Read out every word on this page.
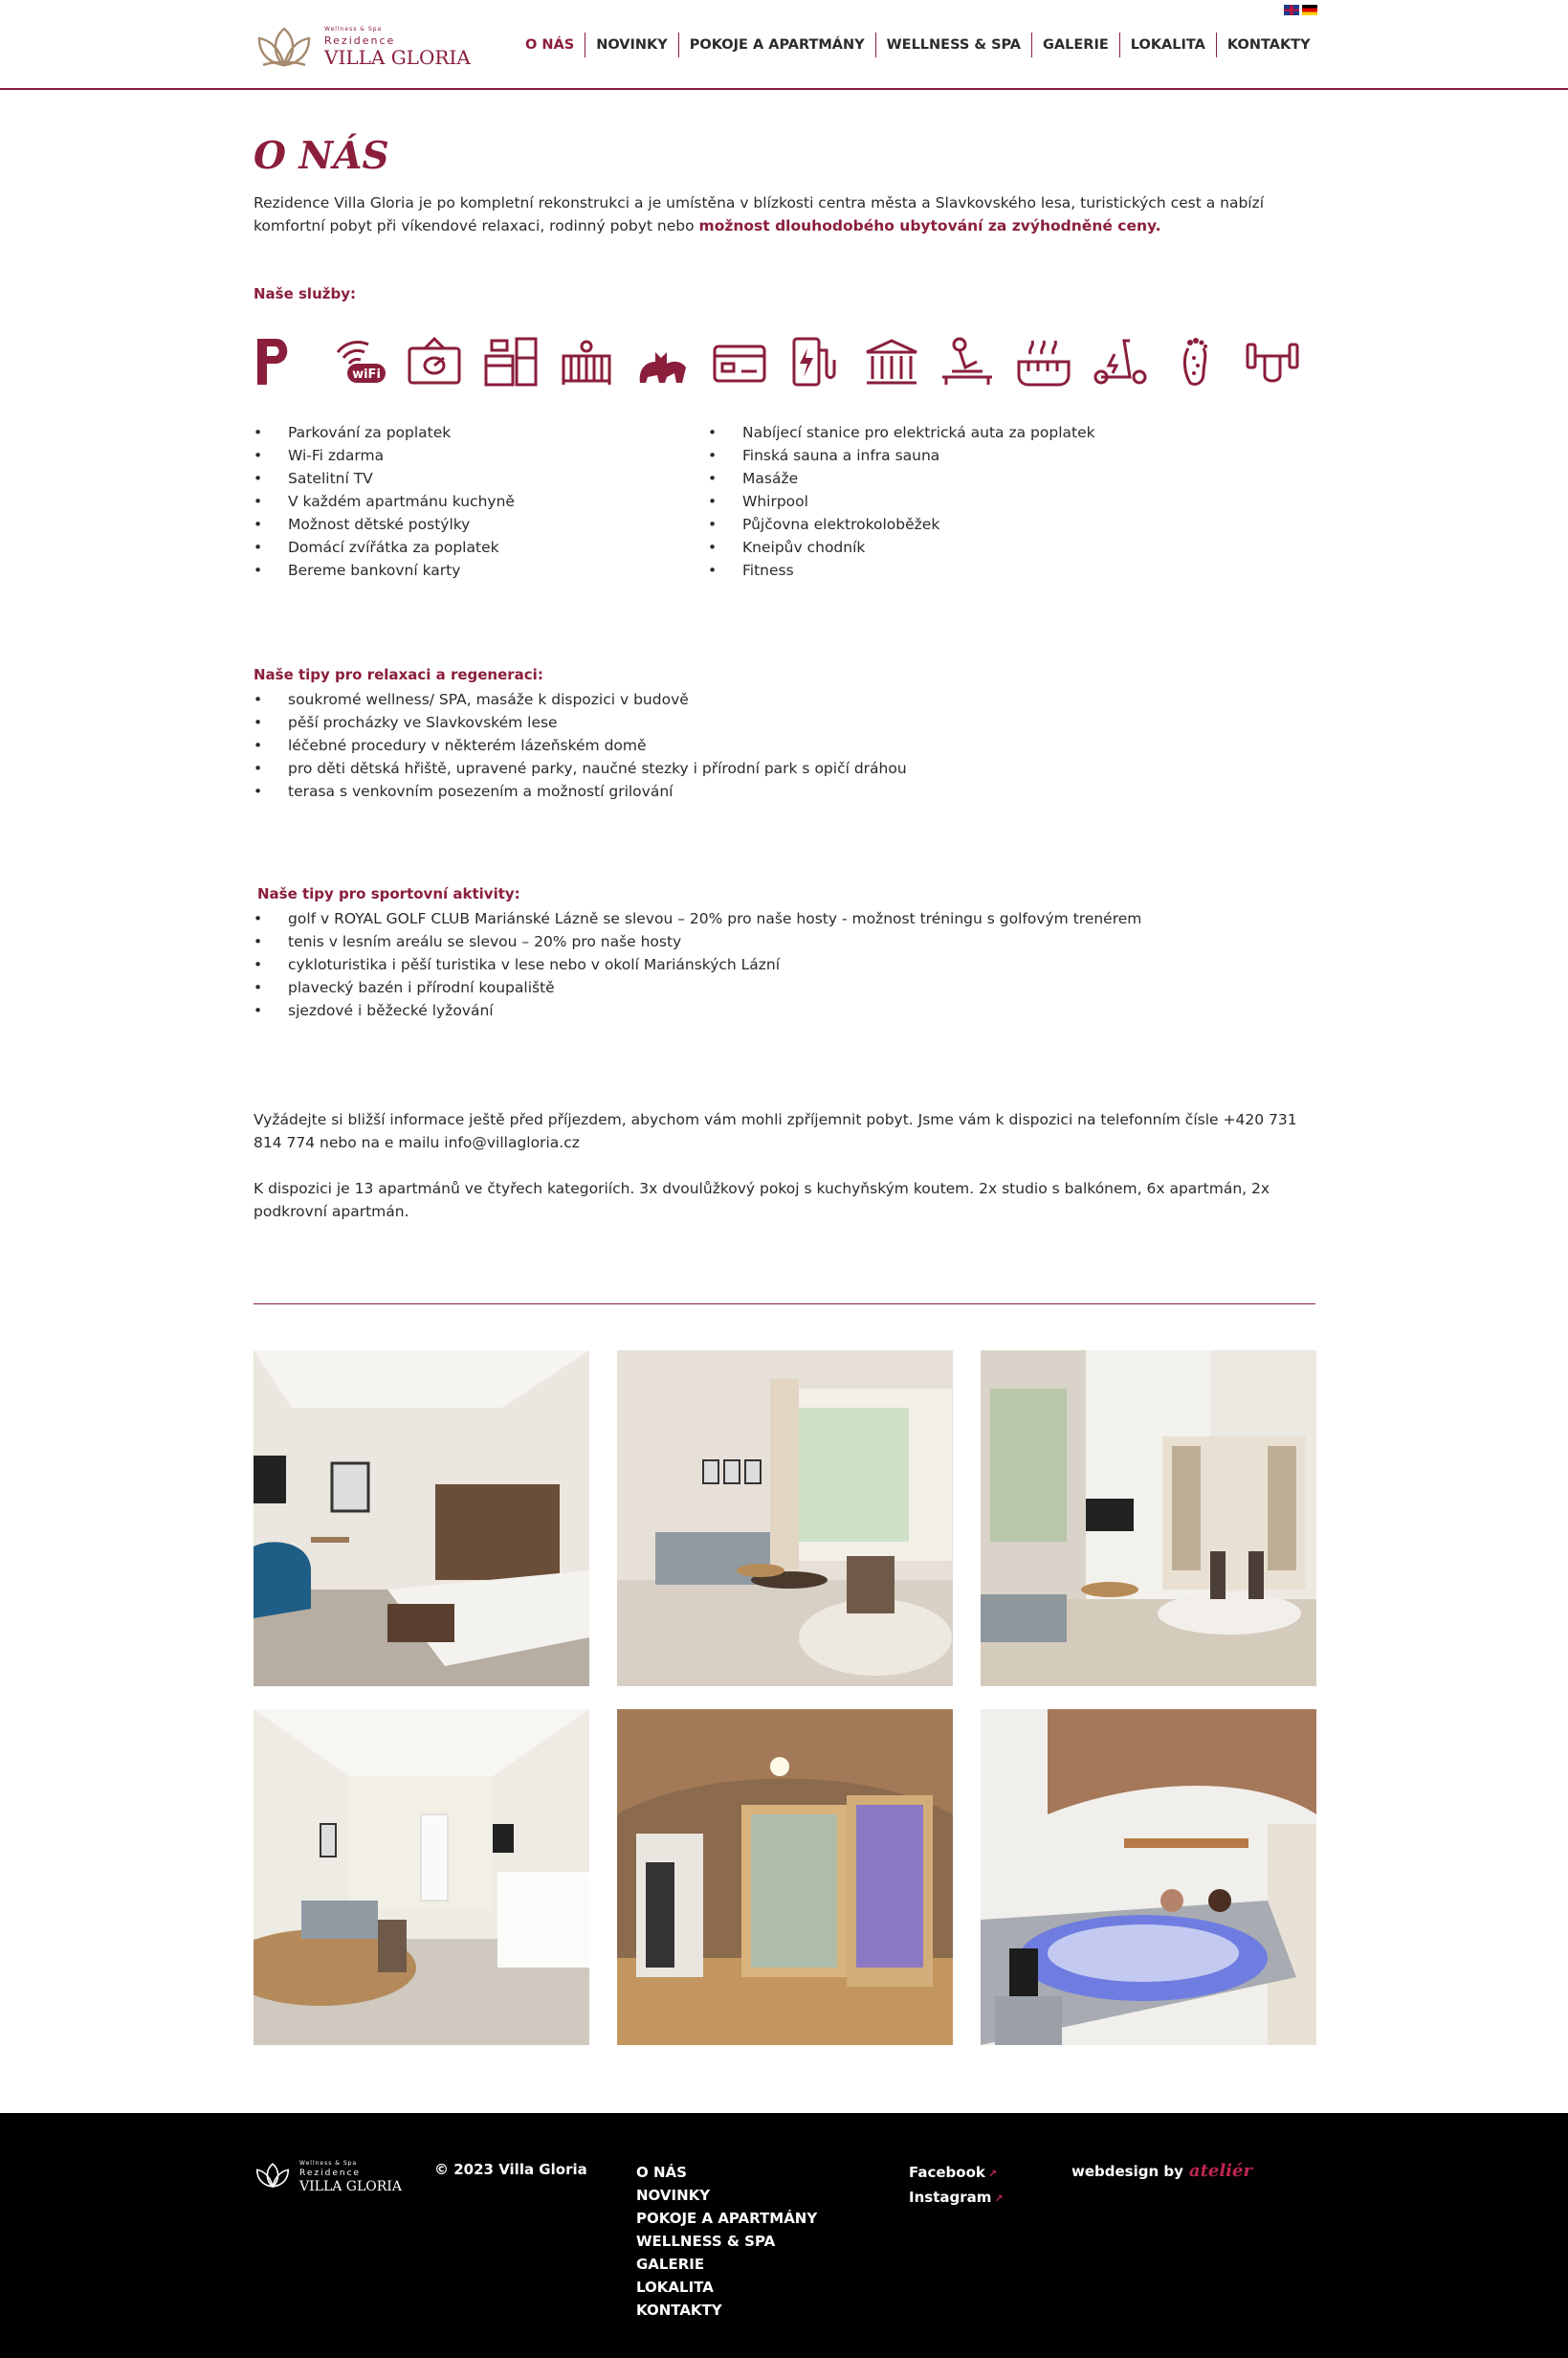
Wellness & Spa
Rezidence
VILLA GLORIA
O NÁS	NOVINKY	POKOJE A APARTMÁNY	WELLNESS & SPA	GALERIE	LOKALITA	KONTAKTY
O NÁS

Rezidence Villa Gloria je po kompletní rekonstrukci a je umístěna v blízkosti centra města a Slavkovského lesa, turistických cest a nabízí komfortní pobyt při víkendové relaxaci, rodinný pobyt nebo možnost dlouhodobého ubytování za zvýhodněné ceny.

Naše služby:
wiFi
• Parkování za poplatek
• Wi-Fi zdarma
• Satelitní TV
• V každém apartmánu kuchyně
• Možnost dětské postýlky
• Domácí zvířátka za poplatek
• Bereme bankovní karty
• Nabíjecí stanice pro elektrická auta za poplatek
• Finská sauna a infra sauna
• Masáže
• Whirpool
• Půjčovna elektrokoloběžek
• Kneipův chodník
• Fitness
Naše tipy pro relaxaci a regeneraci:
• soukromé wellness/ SPA, masáže k dispozici v budově
• pěší procházky ve Slavkovském lese
• léčebné procedury v některém lázeňském domě
• pro děti dětská hřiště, upravené parky, naučné stezky i přírodní park s opičí dráhou
• terasa s venkovním posezením a možností grilování
Naše tipy pro sportovní aktivity:
• golf v ROYAL GOLF CLUB Mariánské Lázně se slevou – 20% pro naše hosty - možnost tréningu s golfovým trenérem
• tenis v lesním areálu se slevou – 20% pro naše hosty
• cykloturistika i pěší turistika v lese nebo v okolí Mariánských Lázní
• plavecký bazén i přírodní koupaliště
• sjezdové i běžecké lyžování

Vyžádejte si bližší informace ještě před příjezdem, abychom vám mohli zpříjemnit pobyt. Jsme vám k dispozici na telefonním čísle +420 731 814 774 nebo na e mailu info@villagloria.cz

K dispozici je 13 apartmánů ve čtyřech kategoriích. 3x dvoulůžkový pokoj s kuchyňským koutem. 2x studio s balkónem, 6x apartmán, 2x podkrovní apartmán.

Wellness & Spa
Rezidence
VILLA GLORIA
© 2023 Villa Gloria	O NÁS
NOVINKY
POKOJE A APARTMÁNY
WELLNESS & SPA
GALERIE
LOKALITA
KONTAKTY
Facebook ↗
Instagram ↗
webdesign by ateliér
